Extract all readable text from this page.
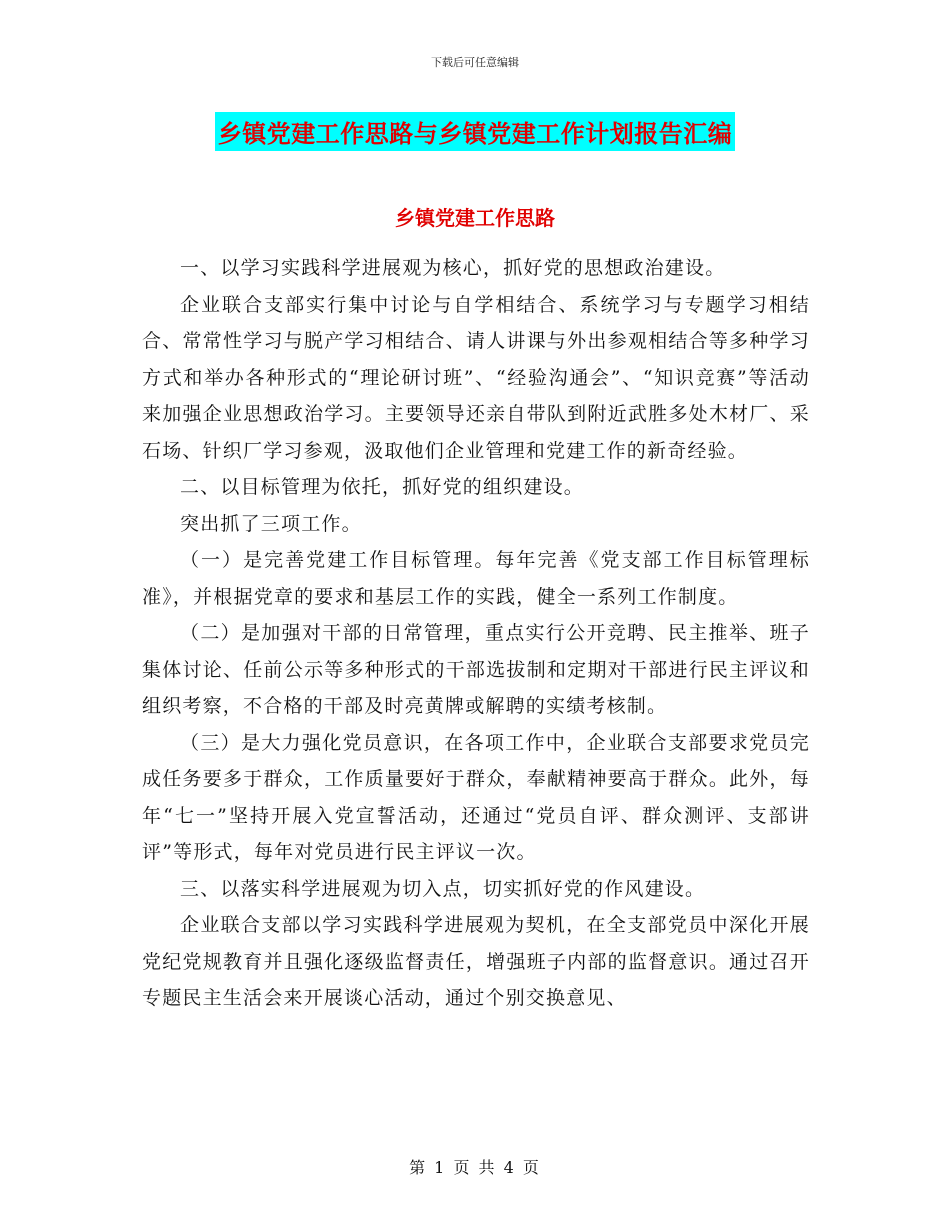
下载后可任意编辑
乡镇党建工作思路与乡镇党建工作计划报告汇编
乡镇党建工作思路

一、以学习实践科学进展观为核心，抓好党的思想政治建设。

企业联合支部实行集中讨论与自学相结合、系统学习与专题学习相结合、常常性学习与脱产学习相结合、请人讲课与外出参观相结合等多种学习方式和举办各种形式的“理论研讨班”、“经验沟通会”、“知识竞赛”等活动来加强企业思想政治学习。主要领导还亲自带队到附近武胜多处木材厂、采石场、针织厂学习参观，汲取他们企业管理和党建工作的新奇经验。

二、以目标管理为依托，抓好党的组织建设。

突出抓了三项工作。

（一）是完善党建工作目标管理。每年完善《党支部工作目标管理标准》，并根据党章的要求和基层工作的实践，健全一系列工作制度。

（二）是加强对干部的日常管理，重点实行公开竞聘、民主推举、班子集体讨论、任前公示等多种形式的干部选拔制和定期对干部进行民主评议和组织考察，不合格的干部及时亮黄牌或解聘的实绩考核制。

（三）是大力强化党员意识，在各项工作中，企业联合支部要求党员完成任务要多于群众，工作质量要好于群众，奉献精神要高于群众。此外，每年“七一”坚持开展入党宣誓活动，还通过“党员自评、群众测评、支部讲评”等形式，每年对党员进行民主评议一次。

三、以落实科学进展观为切入点，切实抓好党的作风建设。

企业联合支部以学习实践科学进展观为契机，在全支部党员中深化开展党纪党规教育并且强化逐级监督责任，增强班子内部的监督意识。通过召开专题民主生活会来开展谈心活动，通过个别交换意见、

第 1 页 共 4 页
